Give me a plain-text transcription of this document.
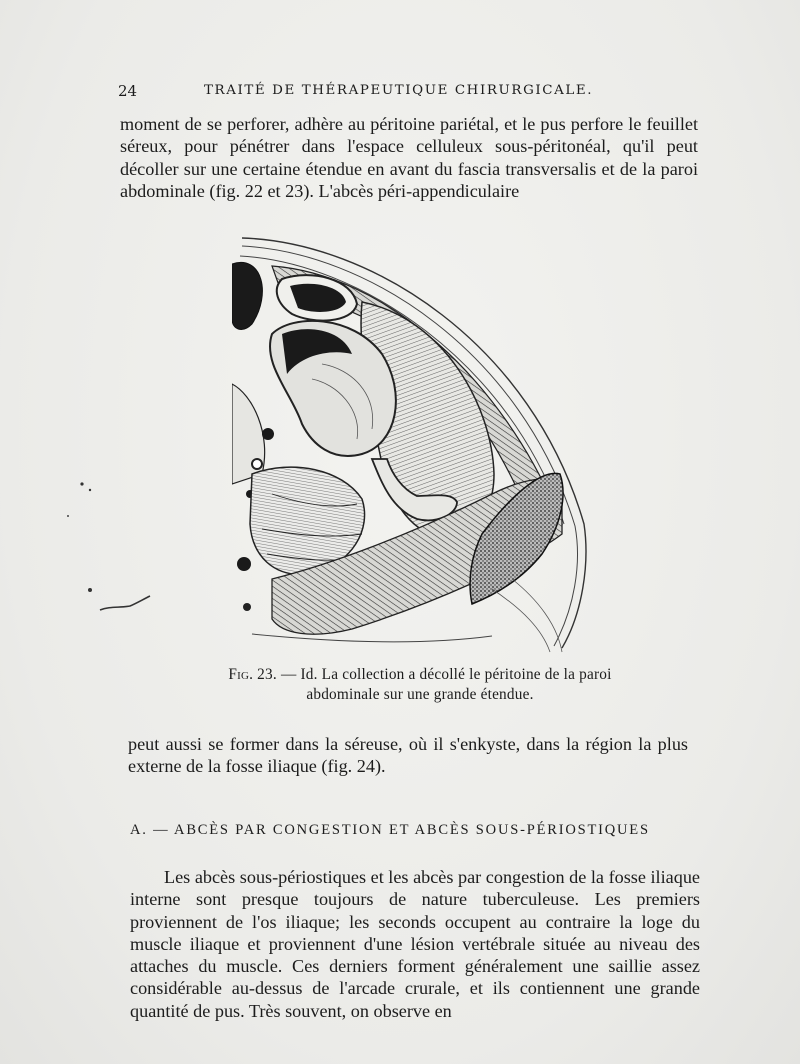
24	TRAITÉ DE THÉRAPEUTIQUE CHIRURGICALE.

moment de se perforer, adhère au péritoine pariétal, et le pus perfore le feuillet séreux, pour pénétrer dans l'espace celluleux sous-péritonéal, qu'il peut décoller sur une certaine étendue en avant du fascia transversalis et de la paroi abdominale (fig. 22 et 23). L'abcès péri-appendiculaire

Fig. 23. — Id. La collection a décollé le péritoine de la paroi abdominale sur une grande étendue.

peut aussi se former dans la séreuse, où il s'enkyste, dans la région la plus externe de la fosse iliaque (fig. 24).

A. — ABCÈS PAR CONGESTION ET ABCÈS SOUS-PÉRIOSTIQUES

Les abcès sous-périostiques et les abcès par congestion de la fosse iliaque interne sont presque toujours de nature tuberculeuse. Les premiers proviennent de l'os iliaque; les seconds occupent au contraire la loge du muscle iliaque et proviennent d'une lésion vertébrale située au niveau des attaches du muscle. Ces derniers forment généralement une saillie assez considérable au-dessus de l'arcade crurale, et ils contiennent une grande quantité de pus. Très souvent, on observe en
